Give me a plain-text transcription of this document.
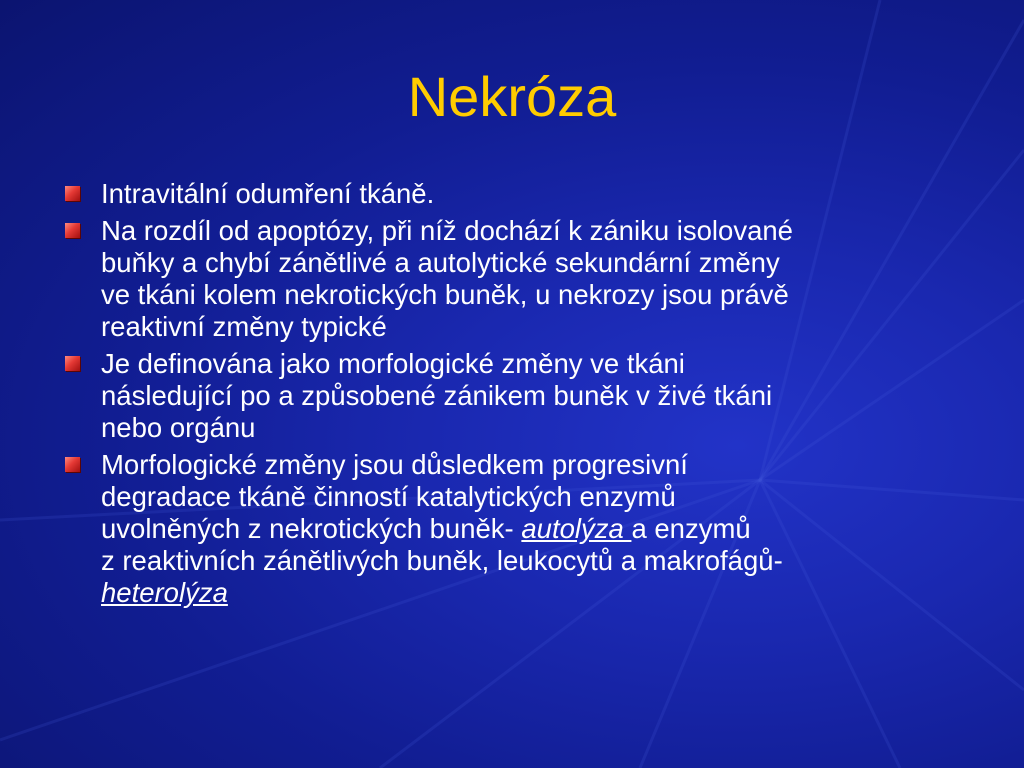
Nekróza
Intravitální odumření tkáně.
Na rozdíl od apoptózy, při níž dochází k zániku isolované
buňky a chybí zánětlivé a autolytické sekundární změny
ve tkáni kolem nekrotických buněk, u nekrozy jsou právě
reaktivní změny typické
Je definována jako morfologické změny ve tkáni
následující po a způsobené zánikem buněk v živé tkáni
nebo orgánu
Morfologické změny jsou důsledkem progresivní
degradace tkáně činností katalytických enzymů
uvolněných z nekrotických buněk- autolýza a enzymů
z reaktivních zánětlivých buněk, leukocytů a makrofágů-
heterolýza
